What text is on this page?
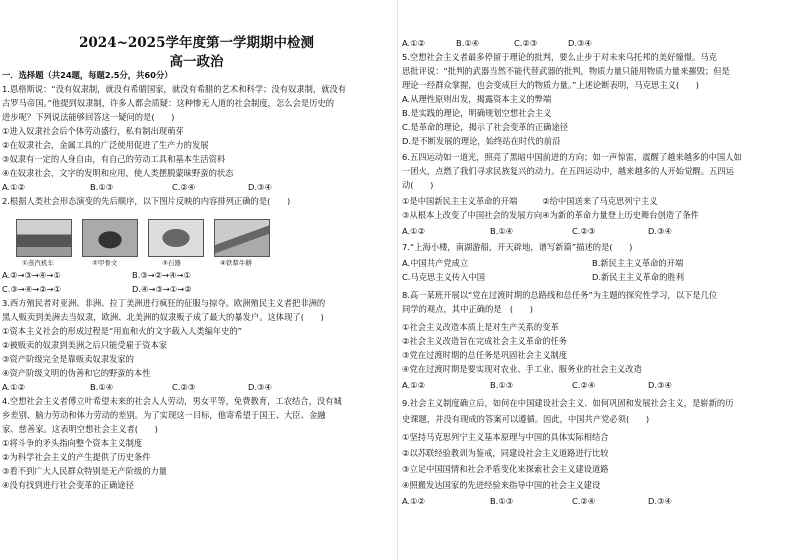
2024~2025学年度第一学期期中检测
高一政治
一．选择题（共24题，每题2.5分，共60分）
1.恩格斯说：“没有奴隶制，就没有希腊国家，就没有希腊的艺术和科学；没有奴隶制，就没有
古罗马帝国。”他提到奴隶制，许多人都会质疑：这种惨无人道的社会制度，怎么会是历史的
进步呢？下列说法能够回答这一疑问的是(　　)
①进入奴隶社会后个体劳动盛行，私有制出现萌芽
②在奴隶社会，金属工具的广泛使用促进了生产力的发展
③奴隶有一定的人身自由，有自己的劳动工具和基本生活资料
④在奴隶社会，文字的发明和应用，使人类摆脱蒙昧野蛮的状态
A.①②	B.①③	C.②④	D.③④
2.根据人类社会形态演变的先后顺序，以下图片反映的内容排列正确的是(　　)
①蒸汽机车	②甲骨文	③石器	④铁犁牛耕
A.②→③→④→①	B.③→②→④→①
C.③→④→②→①	D.④→③→①→②
3.西方殖民者对亚洲、非洲、拉丁美洲进行疯狂的征服与掠夺。欧洲殖民主义者把非洲的
黑人贩卖到美洲去当奴隶，欧洲、北美洲的奴隶贩子成了最大的暴发户。这体现了(　　)
①资本主义社会的形成过程是“用血和火的文字载入人类编年史的”
②被贩卖的奴隶到美洲之后只能受雇于资本家
③资产阶级完全是靠贩卖奴隶发家的
④资产阶级文明的伪善和它的野蛮的本性
A.①②	B.①④	C.②③	D.③④
4.空想社会主义者傅立叶希望未来的社会人人劳动，男女平等，免费教育，工农结合，没有城
乡差别、脑力劳动和体力劳动的差别。为了实现这一目标，他寄希望于国王、大臣、金融
家、慈善家。这表明空想社会主义者(　　)
①将斗争的矛头指向整个资本主义制度
②为科学社会主义的产生提供了历史条件
③看不到广大人民群众特别是无产阶级的力量
④没有找到进行社会变革的正确途径
A.①②	B.①④	C.②③	D.③④
5.空想社会主义者最多停留于理论的批判，要么止步于对未来乌托邦的美好憧憬。马克
思批评说：“批判的武器当然不能代替武器的批判，物质力量只能用物质力量来摧毁；但是
理论一经群众掌握，也会变成巨大的物质力量。”上述论断表明，马克思主义(　　)
A.从理性原则出发，揭露资本主义的弊端
B.是实践的理论，明确规划空想社会主义
C.是革命的理论，揭示了社会变革的正确途径
D.是不断发展的理论，始终站在时代的前沿
6.五四运动如一道光，照亮了黑暗中国前进的方向；如一声惊雷，震醒了越来越多的中国人如
一团火，点燃了我们寻求民族复兴的动力。在五四运动中，越来越多的人开始觉醒。五四运
动(　　)
①是中国新民主主义革命的开端　　　②给中国送来了马克思列宁主义
③从根本上改变了中国社会的发展方向④为新的革命力量登上历史舞台创造了条件
A.①②	B.①④	C.②③	D.③④
7.“上海小楼，南湖游船，开天辟地，谱写新篇”描述的是(　　)
A.中国共产党成立	B.新民主主义革命的开端
C.马克思主义传入中国	D.新民主主义革命的胜利
8.高一某班开展以“党在过渡时期的总路线和总任务”为主题的探究性学习，以下是几位
同学的观点，其中正确的是　(　　)
①社会主义改造本质上是对生产关系的变革
②社会主义改造旨在完成社会主义革命的任务
③党在过渡时期的总任务是巩固社会主义制度
④党在过渡时期是要实现对农业、手工业、服务业的社会主义改造
A.①②	B.①③	C.②④	D.③④
9.社会主义制度确立后，如何在中国建设社会主义、如何巩固和发展社会主义，是崭新的历
史课题，并没有现成的答案可以遵循。因此，中国共产党必须(　　)
①坚持马克思列宁主义基本原理与中国的具体实际相结合
②以苏联经验教训为鉴戒，同建设社会主义道路进行比较
③立足中国国情和社会矛盾变化来探索社会主义建设道路
④照搬发达国家的先进经验来指导中国的社会主义建设
A.①②	B.①③	C.②④	D.③④
